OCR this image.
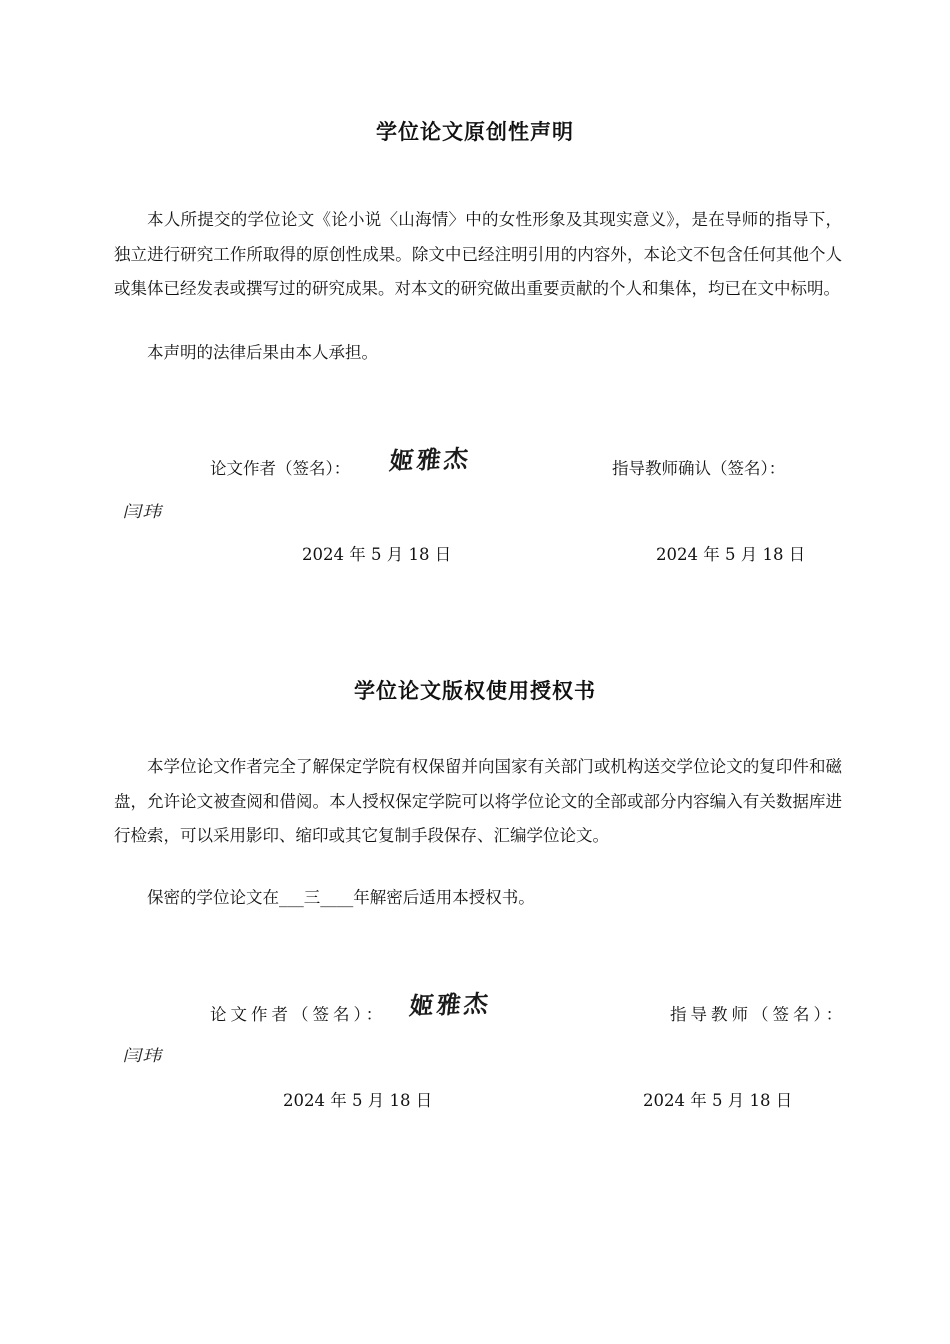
学位论文原创性声明

本人所提交的学位论文《论小说〈山海情〉中的女性形象及其现实意义》，是在导师的指导下，独立进行研究工作所取得的原创性成果。除文中已经注明引用的内容外，本论文不包含任何其他个人或集体已经发表或撰写过的研究成果。对本文的研究做出重要贡献的个人和集体，均已在文中标明。

本声明的法律后果由本人承担。

论文作者（签名）： 姬雅杰	指导教师确认（签名）：
闫玮
2024 年 5 月 18 日	2024 年 5 月 18 日
学位论文版权使用授权书

本学位论文作者完全了解保定学院有权保留并向国家有关部门或机构送交学位论文的复印件和磁盘，允许论文被查阅和借阅。本人授权保定学院可以将学位论文的全部或部分内容编入有关数据库进行检索，可以采用影印、缩印或其它复制手段保存、汇编学位论文。

保密的学位论文在___三____年解密后适用本授权书。

论文作者（签名）： 姬雅杰	指导教师（签名）：
闫玮
2024 年 5 月 18 日	2024 年 5 月 18 日
